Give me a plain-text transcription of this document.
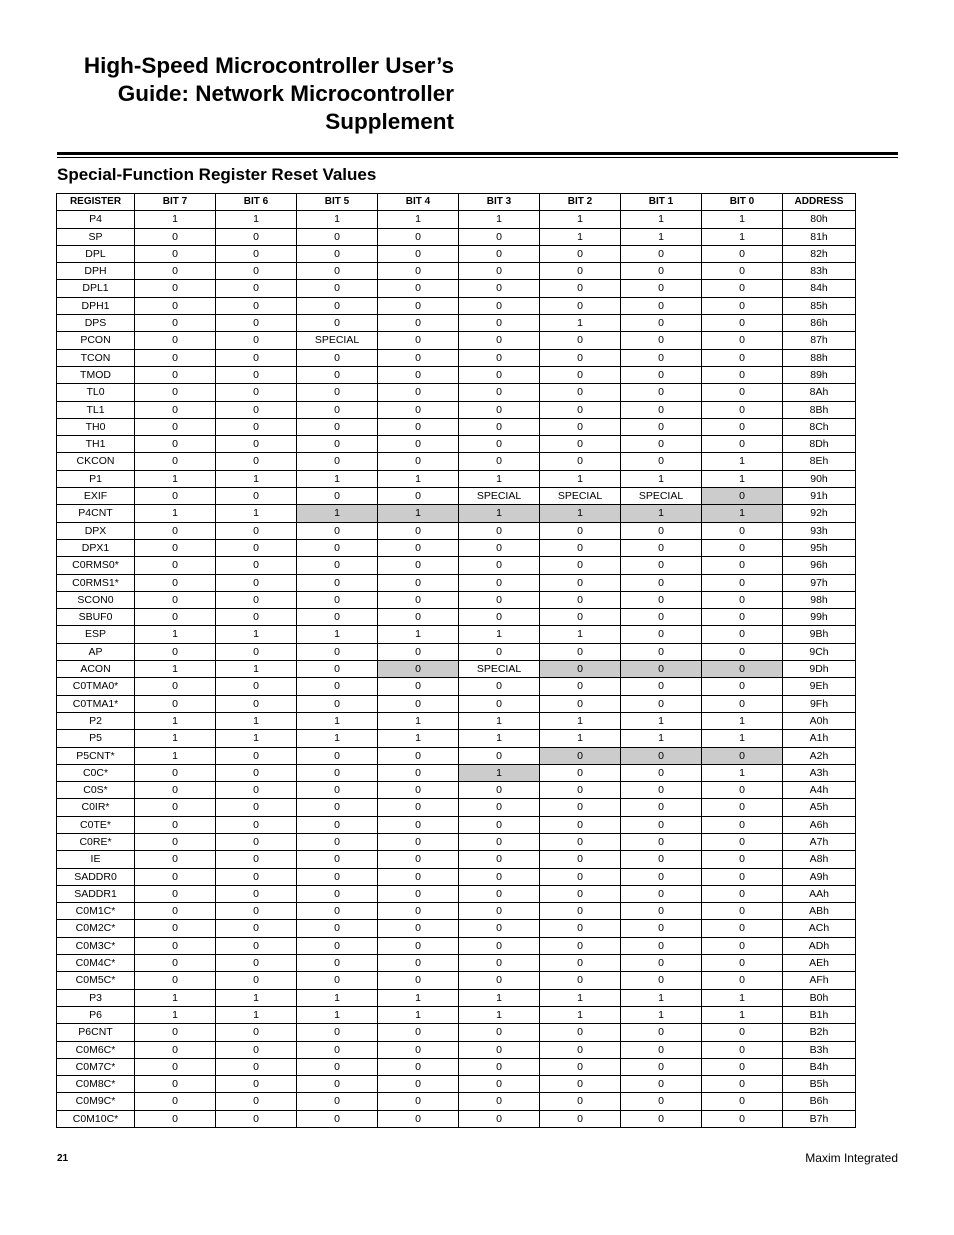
High-Speed Microcontroller User’s
Guide: Network Microcontroller
Supplement
Special-Function Register Reset Values
REGISTER	BIT 7	BIT 6	BIT 5	BIT 4	BIT 3	BIT 2	BIT 1	BIT 0	ADDRESS
P4	1	1	1	1	1	1	1	1	80h
SP	0	0	0	0	0	1	1	1	81h
DPL	0	0	0	0	0	0	0	0	82h
DPH	0	0	0	0	0	0	0	0	83h
DPL1	0	0	0	0	0	0	0	0	84h
DPH1	0	0	0	0	0	0	0	0	85h
DPS	0	0	0	0	0	1	0	0	86h
PCON	0	0	SPECIAL	0	0	0	0	0	87h
TCON	0	0	0	0	0	0	0	0	88h
TMOD	0	0	0	0	0	0	0	0	89h
TL0	0	0	0	0	0	0	0	0	8Ah
TL1	0	0	0	0	0	0	0	0	8Bh
TH0	0	0	0	0	0	0	0	0	8Ch
TH1	0	0	0	0	0	0	0	0	8Dh
CKCON	0	0	0	0	0	0	0	1	8Eh
P1	1	1	1	1	1	1	1	1	90h
EXIF	0	0	0	0	SPECIAL	SPECIAL	SPECIAL	0	91h
P4CNT	1	1	1	1	1	1	1	1	92h
DPX	0	0	0	0	0	0	0	0	93h
DPX1	0	0	0	0	0	0	0	0	95h
C0RMS0*	0	0	0	0	0	0	0	0	96h
C0RMS1*	0	0	0	0	0	0	0	0	97h
SCON0	0	0	0	0	0	0	0	0	98h
SBUF0	0	0	0	0	0	0	0	0	99h
ESP	1	1	1	1	1	1	0	0	9Bh
AP	0	0	0	0	0	0	0	0	9Ch
ACON	1	1	0	0	SPECIAL	0	0	0	9Dh
C0TMA0*	0	0	0	0	0	0	0	0	9Eh
C0TMA1*	0	0	0	0	0	0	0	0	9Fh
P2	1	1	1	1	1	1	1	1	A0h
P5	1	1	1	1	1	1	1	1	A1h
P5CNT*	1	0	0	0	0	0	0	0	A2h
C0C*	0	0	0	0	1	0	0	1	A3h
C0S*	0	0	0	0	0	0	0	0	A4h
C0IR*	0	0	0	0	0	0	0	0	A5h
C0TE*	0	0	0	0	0	0	0	0	A6h
C0RE*	0	0	0	0	0	0	0	0	A7h
IE	0	0	0	0	0	0	0	0	A8h
SADDR0	0	0	0	0	0	0	0	0	A9h
SADDR1	0	0	0	0	0	0	0	0	AAh
C0M1C*	0	0	0	0	0	0	0	0	ABh
C0M2C*	0	0	0	0	0	0	0	0	ACh
C0M3C*	0	0	0	0	0	0	0	0	ADh
C0M4C*	0	0	0	0	0	0	0	0	AEh
C0M5C*	0	0	0	0	0	0	0	0	AFh
P3	1	1	1	1	1	1	1	1	B0h
P6	1	1	1	1	1	1	1	1	B1h
P6CNT	0	0	0	0	0	0	0	0	B2h
C0M6C*	0	0	0	0	0	0	0	0	B3h
C0M7C*	0	0	0	0	0	0	0	0	B4h
C0M8C*	0	0	0	0	0	0	0	0	B5h
C0M9C*	0	0	0	0	0	0	0	0	B6h
C0M10C*	0	0	0	0	0	0	0	0	B7h
21	Maxim Integrated
